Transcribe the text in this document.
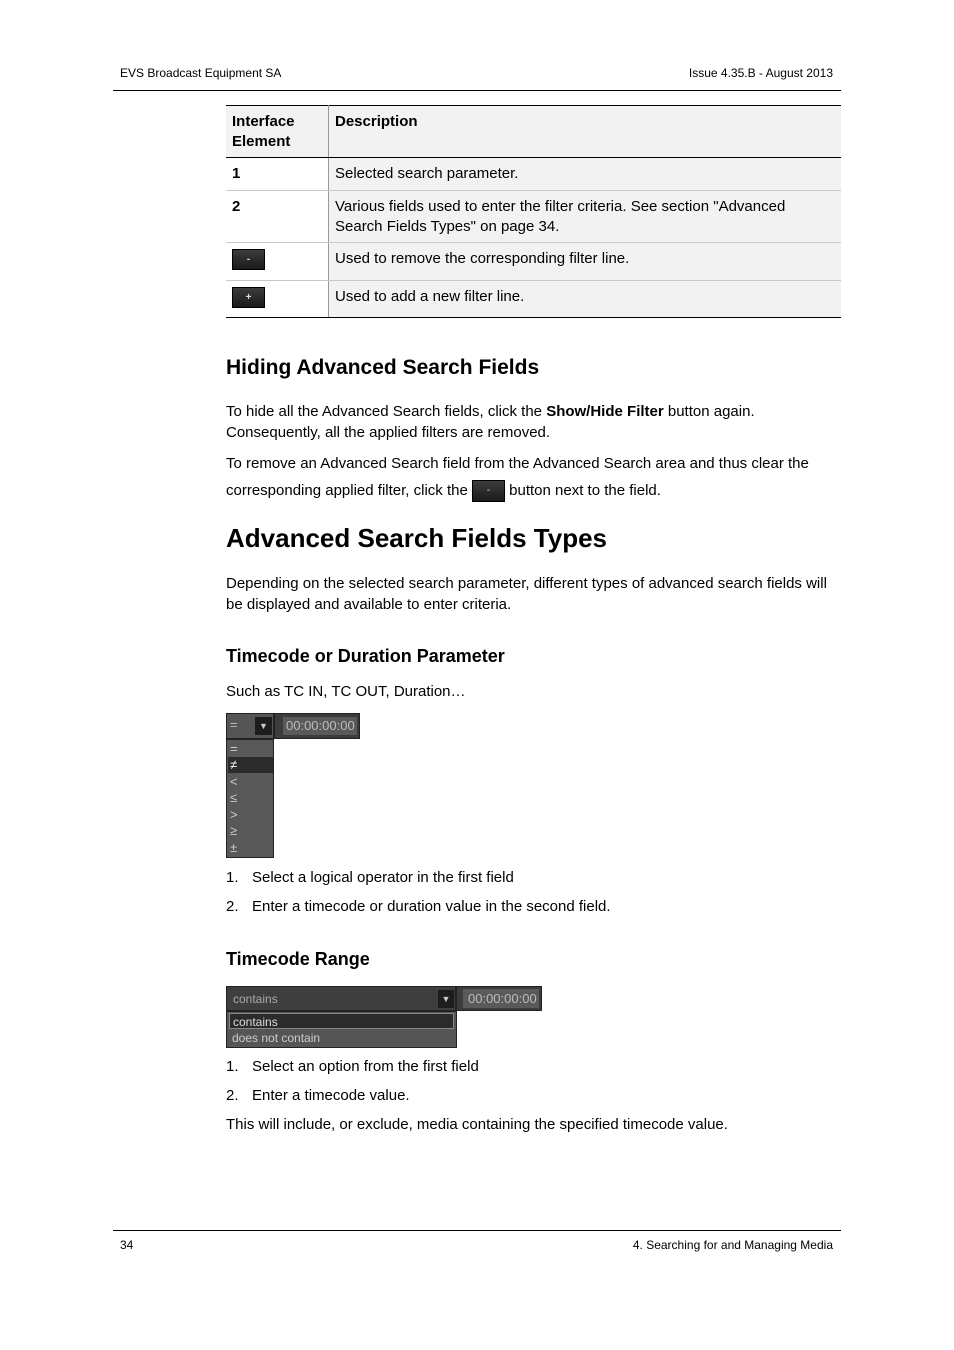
EVS Broadcast Equipment SA	Issue 4.35.B - August 2013
Interface Element	Description
1	Selected search parameter.
2	Various fields used to enter the filter criteria. See section "Advanced Search Fields Types" on page 34.
-	Used to remove the corresponding filter line.
+	Used to add a new filter line.
Hiding Advanced Search Fields

To hide all the Advanced Search fields, click the Show/Hide Filter button again. Consequently, all the applied filters are removed.

To remove an Advanced Search field from the Advanced Search area and thus clear the corresponding applied filter, click the - button next to the field.

Advanced Search Fields Types

Depending on the selected search parameter, different types of advanced search fields will be displayed and available to enter criteria.

Timecode or Duration Parameter

Such as TC IN, TC OUT, Duration…

=	▼	00:00:00:00
=
≠
<
≤
>
≥
±
1. Select a logical operator in the first field
2. Enter a timecode or duration value in the second field.
Timecode Range
contains	▼ 00:00:00:00
contains
does not contain
1. Select an option from the first field
2. Enter a timecode value.

This will include, or exclude, media containing the specified timecode value.

34	4. Searching for and Managing Media
